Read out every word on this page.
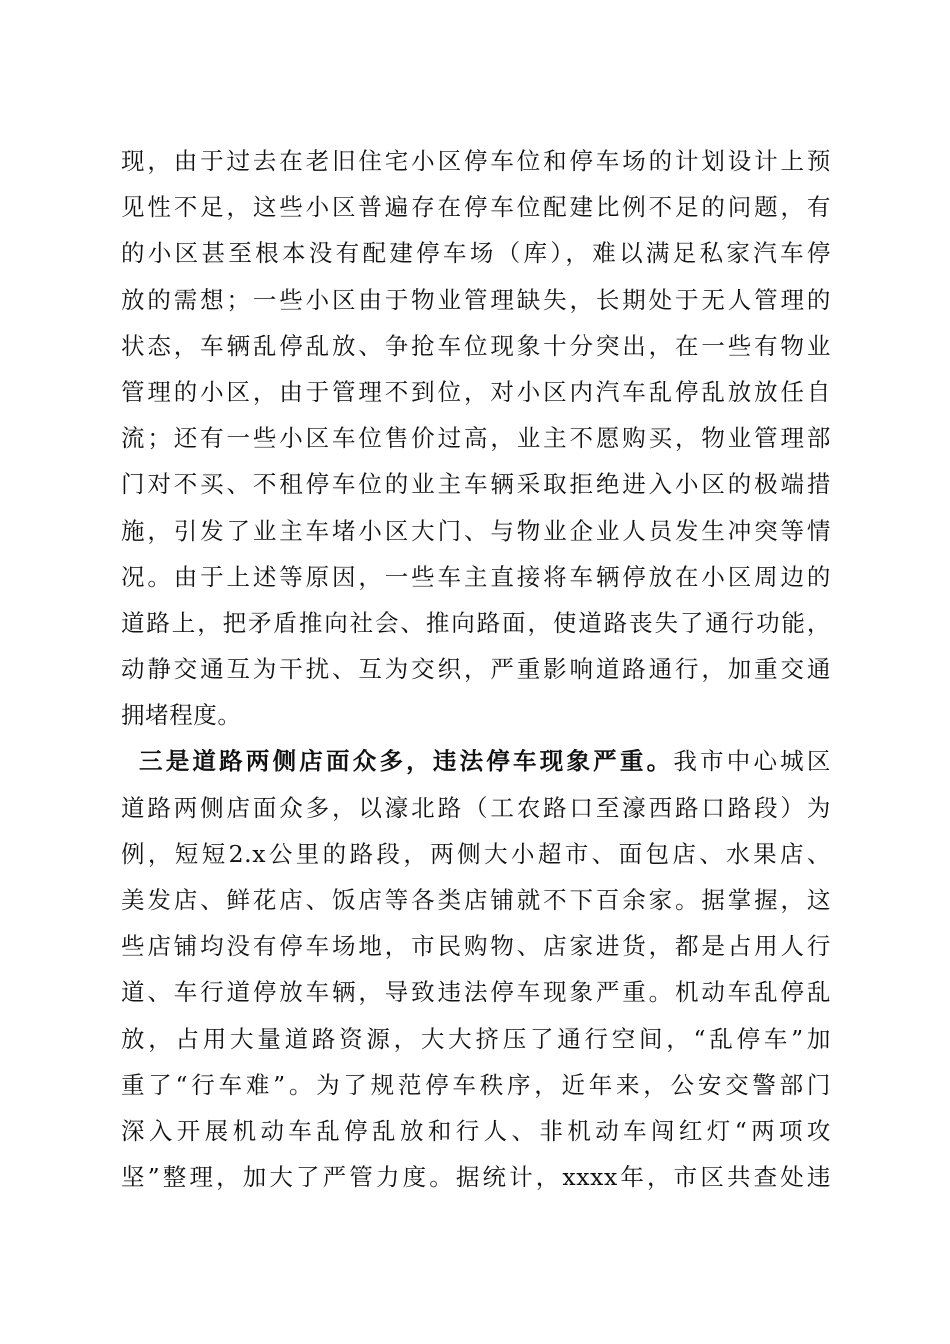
现，由于过去在老旧住宅小区停车位和停车场的计划设计上预
见性不足，这些小区普遍存在停车位配建比例不足的问题，有
的小区甚至根本没有配建停车场（库），难以满足私家汽车停
放的需想；一些小区由于物业管理缺失，长期处于无人管理的
状态，车辆乱停乱放、争抢车位现象十分突出，在一些有物业
管理的小区，由于管理不到位，对小区内汽车乱停乱放放任自
流；还有一些小区车位售价过高，业主不愿购买，物业管理部
门对不买、不租停车位的业主车辆采取拒绝进入小区的极端措
施，引发了业主车堵小区大门、与物业企业人员发生冲突等情
况。由于上述等原因，一些车主直接将车辆停放在小区周边的
道路上，把矛盾推向社会、推向路面，使道路丧失了通行功能，
动静交通互为干扰、互为交织，严重影响道路通行，加重交通
拥堵程度。
三是道路两侧店面众多，违法停车现象严重。我市中心城区
道路两侧店面众多，以濠北路（工农路口至濠西路口路段）为
例，短短2.x公里的路段，两侧大小超市、面包店、水果店、
美发店、鲜花店、饭店等各类店铺就不下百余家。据掌握，这
些店铺均没有停车场地，市民购物、店家进货，都是占用人行
道、车行道停放车辆，导致违法停车现象严重。机动车乱停乱
放，占用大量道路资源，大大挤压了通行空间，“乱停车”加
重了“行车难”。为了规范停车秩序，近年来，公安交警部门
深入开展机动车乱停乱放和行人、非机动车闯红灯“两项攻
坚”整理，加大了严管力度。据统计，xxxx年，市区共查处违
